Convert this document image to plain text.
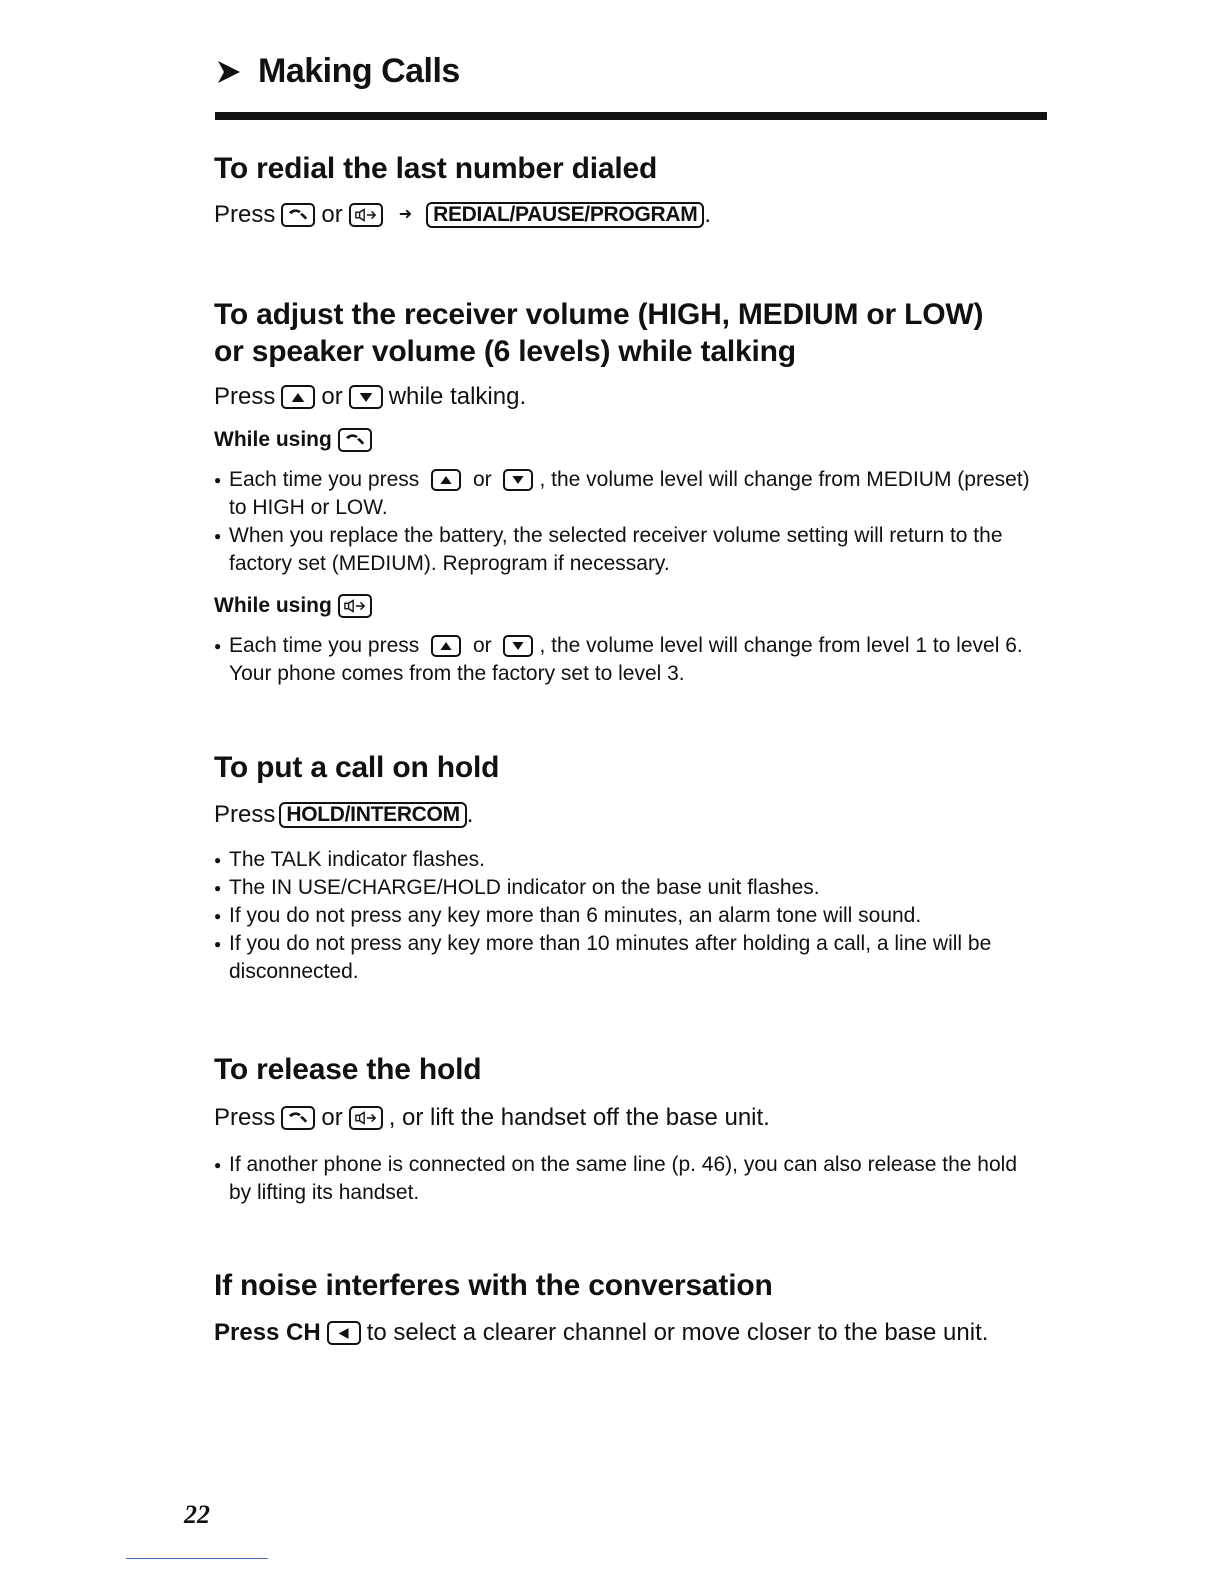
Making Calls
To redial the last number dialed
Press or	➜	REDIAL/PAUSE/PROGRAM .
To adjust the receiver volume (HIGH, MEDIUM or LOW)
or speaker volume (6 levels) while talking
Press or while talking.
While using
● Each time you press	or , the volume level will change from MEDIUM (preset) to HIGH or LOW.
● When you replace the battery, the selected receiver volume setting will return to the factory set (MEDIUM). Reprogram if necessary.
While using
● Each time you press	or , the volume level will change from level 1 to level 6. Your phone comes from the factory set to level 3.
To put a call on hold
Press HOLD/INTERCOM .
● The TALK indicator flashes.
● The IN USE/CHARGE/HOLD indicator on the base unit flashes.
● If you do not press any key more than 6 minutes, an alarm tone will sound.
● If you do not press any key more than 10 minutes after holding a call, a line will be disconnected.
To release the hold
Press or , or lift the handset off the base unit.
● If another phone is connected on the same line (p. 46), you can also release the hold by lifting its handset.
If noise interferes with the conversation
Press CH to select a clearer channel or move closer to the base unit.
22
